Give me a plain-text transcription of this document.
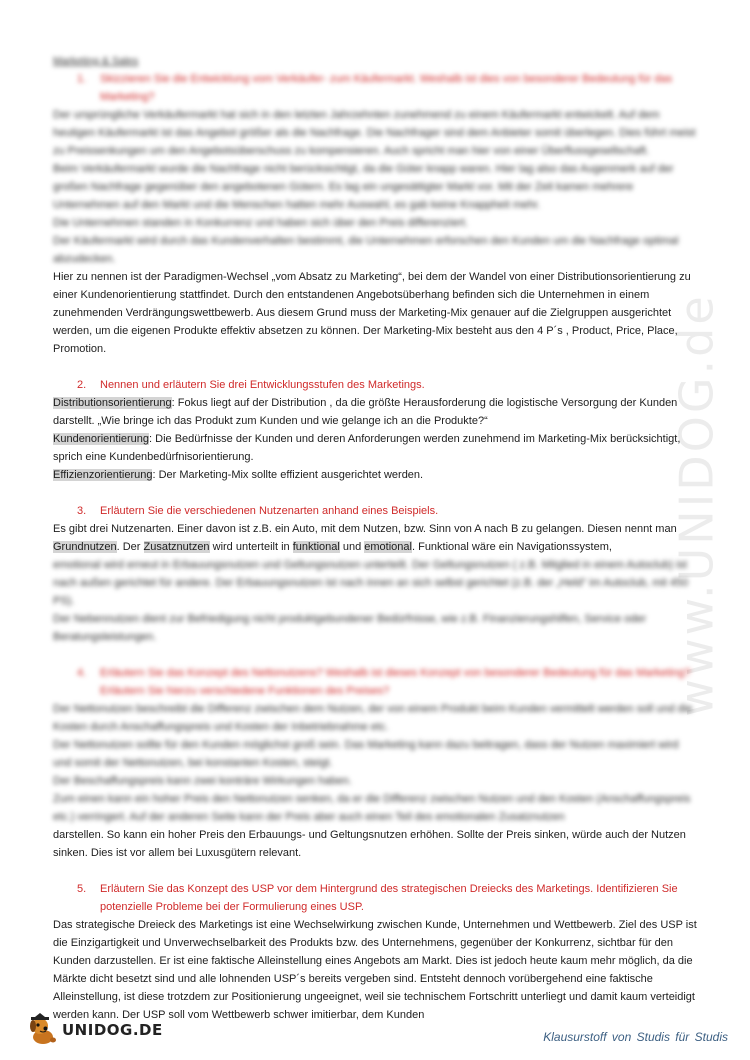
www.UNIDOG.de
Marketing & Sales
1.	Skizzieren Sie die Entwicklung vom Verkäufer- zum Käufermarkt. Weshalb ist dies von besonderer Bedeutung für das Marketing?

Der ursprüngliche Verkäufermarkt hat sich in den letzten Jahrzehnten zunehmend zu einem Käufermarkt entwickelt. Auf dem heutigen Käufermarkt ist das Angebot größer als die Nachfrage. Die Nachfrager sind dem Anbieter somit überlegen. Dies führt meist zu Preissenkungen um den Angebotsüberschuss zu kompensieren. Auch spricht man hier von einer Überflussgesellschaft.

Beim Verkäufermarkt wurde die Nachfrage nicht berücksichtigt, da die Güter knapp waren. Hier lag also das Augenmerk auf der großen Nachfrage gegenüber den angebotenen Gütern. Es lag ein ungesättigter Markt vor. Mit der Zeit kamen mehrere Unternehmen auf den Markt und die Menschen hatten mehr Auswahl, es gab keine Knappheit mehr.

Die Unternehmen standen in Konkurrenz und haben sich über den Preis differenziert.

Der Käufermarkt wird durch das Kundenverhalten bestimmt, die Unternehmen erforschen den Kunden um die Nachfrage optimal abzudecken.

Hier zu nennen ist der Paradigmen-Wechsel „vom Absatz zu Marketing“, bei dem der Wandel von einer Distributionsorientierung zu einer Kundenorientierung stattfindet. Durch den entstandenen Angebotsüberhang befinden sich die Unternehmen in einem zunehmenden Verdrängungswettbewerb. Aus diesem Grund muss der Marketing-Mix genauer auf die Zielgruppen ausgerichtet werden, um die eigenen Produkte effektiv absetzen zu können. Der Marketing-Mix besteht aus den 4 P´s , Product, Price, Place, Promotion.

2.	Nennen und erläutern Sie drei Entwicklungsstufen des Marketings.

Distributionsorientierung: Fokus liegt auf der Distribution , da die größte Herausforderung die logistische Versorgung der Kunden darstellt. „Wie bringe ich das Produkt zum Kunden und wie gelange ich an die Produkte?“

Kundenorientierung: Die Bedürfnisse der Kunden und deren Anforderungen werden zunehmend im Marketing-Mix berücksichtigt, sprich eine Kundenbedürfnisorientierung.

Effizienzorientierung: Der Marketing-Mix sollte effizient ausgerichtet werden.

3.	Erläutern Sie die verschiedenen Nutzenarten anhand eines Beispiels.

Es gibt drei Nutzenarten. Einer davon ist z.B. ein Auto, mit dem Nutzen, bzw. Sinn von A nach B zu gelangen. Diesen nennt man Grundnutzen. Der Zusatznutzen wird unterteilt in funktional und emotional. Funktional wäre ein Navigationssystem,

emotional wird erneut in Erbauungsnutzen und Geltungsnutzen unterteilt. Der Geltungsnutzen ( z.B. Mitglied in einem Autoclub) ist nach außen gerichtet für andere. Der Erbauungsnutzen ist nach innen an sich selbst gerichtet (z.B. der „Held“ im Autoclub, mit 450 PS).

Der Nebennutzen dient zur Befriedigung nicht produktgebundener Bedürfnisse, wie z.B. Finanzierungshilfen, Service oder Beratungsleistungen.

4.	Erläutern Sie das Konzept des Nettonutzens? Weshalb ist dieses Konzept von besonderer Bedeutung für das Marketing? Erläutern Sie hierzu verschiedene Funktionen des Preises?

Der Nettonutzen beschreibt die Differenz zwischen dem Nutzen, der von einem Produkt beim Kunden vermittelt werden soll und die Kosten durch Anschaffungspreis und Kosten der Inbetriebnahme etc.

Der Nettonutzen sollte für den Kunden möglichst groß sein. Das Marketing kann dazu beitragen, dass der Nutzen maximiert wird und somit der Nettonutzen, bei konstanten Kosten, steigt.

Der Beschaffungspreis kann zwei konträre Wirkungen haben.

Zum einen kann ein hoher Preis den Nettonutzen senken, da er die Differenz zwischen Nutzen und den Kosten (Anschaffungspreis etc.) verringert. Auf der anderen Seite kann der Preis aber auch einen Teil des emotionalen Zusatznutzen

darstellen. So kann ein hoher Preis den Erbauungs- und Geltungsnutzen erhöhen. Sollte der Preis sinken, würde auch der Nutzen sinken. Dies ist vor allem bei Luxusgütern relevant.

5.	Erläutern Sie das Konzept des USP vor dem Hintergrund des strategischen Dreiecks des Marketings. Identifizieren Sie potenzielle Probleme bei der Formulierung eines USP.

Das strategische Dreieck des Marketings ist eine Wechselwirkung zwischen Kunde, Unternehmen und Wettbewerb. Ziel des USP ist die Einzigartigkeit und Unverwechselbarkeit des Produkts bzw. des Unternehmens, gegenüber der Konkurrenz, sichtbar für den Kunden darzustellen. Er ist eine faktische Alleinstellung eines Angebots am Markt. Dies ist jedoch heute kaum mehr möglich, da die Märkte dicht besetzt sind und alle lohnenden USP´s bereits vergeben sind. Entsteht dennoch vorübergehend eine faktische Alleinstellung, ist diese trotzdem zur Positionierung ungeeignet, weil sie technischem Fortschritt unterliegt und damit kaum verteidigt werden kann. Der USP soll vom Wettbewerb schwer imitierbar, dem Kunden

UNIDOG.DE	Klausurstoff von Studis für Studis
